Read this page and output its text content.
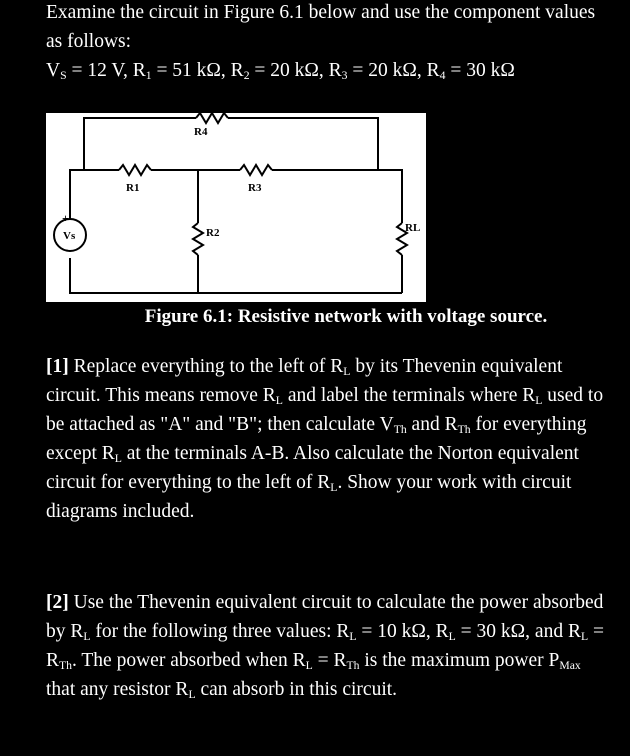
Examine the circuit in Figure 6.1 below and use the component values as follows:
$V_S = 12$ V, $R_1 = 51$ kΩ, $R_2 = 20$ kΩ, $R_3 = 20$ kΩ, $R_4 = 30$ kΩ
+
-
R4
R1	R3
R2	RL
Vs
Figure 6.1: Resistive network with voltage source.
[1] Replace everything to the left of $R_L$ by its Thevenin equivalent circuit. This means remove $R_L$ and label the terminals where $R_L$ used to be attached as "A" and "B"; then calculate $V_{Th}$ and $R_{Th}$ for everything except $R_L$ at the terminals A-B. Also calculate the Norton equivalent circuit for everything to the left of $R_L$. Show your work with circuit diagrams included.
[2] Use the Thevenin equivalent circuit to calculate the power absorbed by $R_L$ for the following three values: $R_L = 10$ kΩ, $R_L = 30$ kΩ, and $R_L = R_{Th}$. The power absorbed when $R_L = R_{Th}$ is the maximum power $P_{Max}$ that any resistor $R_L$ can absorb in this circuit.
